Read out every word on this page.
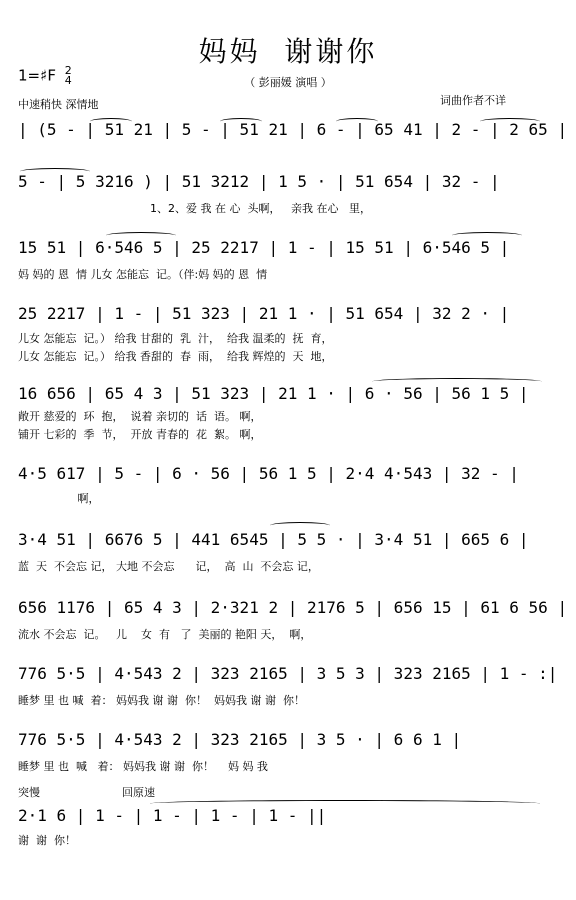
妈妈  谢谢你
1=♯F 2
4	（ 彭丽媛 演唱 ）
中速稍快 深情地	词曲作者不详
| (5 - | 51 21 | 5 - | 51 21 | 6 - | 65 41 | 2 - | 2 65 |
5 - | 5 3216 ) | 51 3212 | 1 5 · | 51 654 | 32 - |
1、2、爱 我 在 心  头啊，   亲我 在心   里，
15 51 | 6·546 5 | 25 2217 | 1 - | 15 51 | 6·546 5 |
妈 妈的 恩  情 儿女 怎能忘  记。（伴:妈 妈的 恩  情
25 2217 | 1 - | 51 323 | 21 1 · | 51 654 | 32 2 · |
儿女 怎能忘  记。） 给我 甘甜的  乳  汁，  给我 温柔的  抚  育，
儿女 怎能忘  记。） 给我 香甜的  春  雨，  给我 辉煌的  天  地，
16 656 | 65 4 3 | 51 323 | 21 1 · | 6 · 56 | 56 1 5 |
敞开 慈爱的  环  抱，  说着 亲切的  话  语。 啊，
铺开 七彩的  季  节，  开放 青春的  花  絮。 啊，
4·5 617 | 5 - | 6 · 56 | 56 1 5 | 2·4 4·543 | 32 - |
啊，
3·4 51 | 6676 5 | 441 6545 | 5 5 · | 3·4 51 | 665 6 |
蓝  天  不会忘 记， 大地 不会忘      记，  高  山  不会忘 记，
656 1176 | 65 4 3 | 2·321 2 | 2176 5 | 656 15 | 61 6 56 |
流水 不会忘  记。   儿    女  有   了  美丽的 艳阳 天，  啊，
776 5·5 | 4·543 2 | 323 2165 | 3 5 3 | 323 2165 | 1 - :|
睡梦 里 也 喊  着： 妈妈我 谢 谢  你！  妈妈我 谢 谢  你！
776 5·5 | 4·543 2 | 323 2165 | 3 5 · | 6 6 1 |
睡梦 里 也  喊   着： 妈妈我 谢 谢  你！    妈 妈 我
突慢	回原速
2·1 6 | 1 - | 1 - | 1 - | 1 - ||
谢  谢  你！
